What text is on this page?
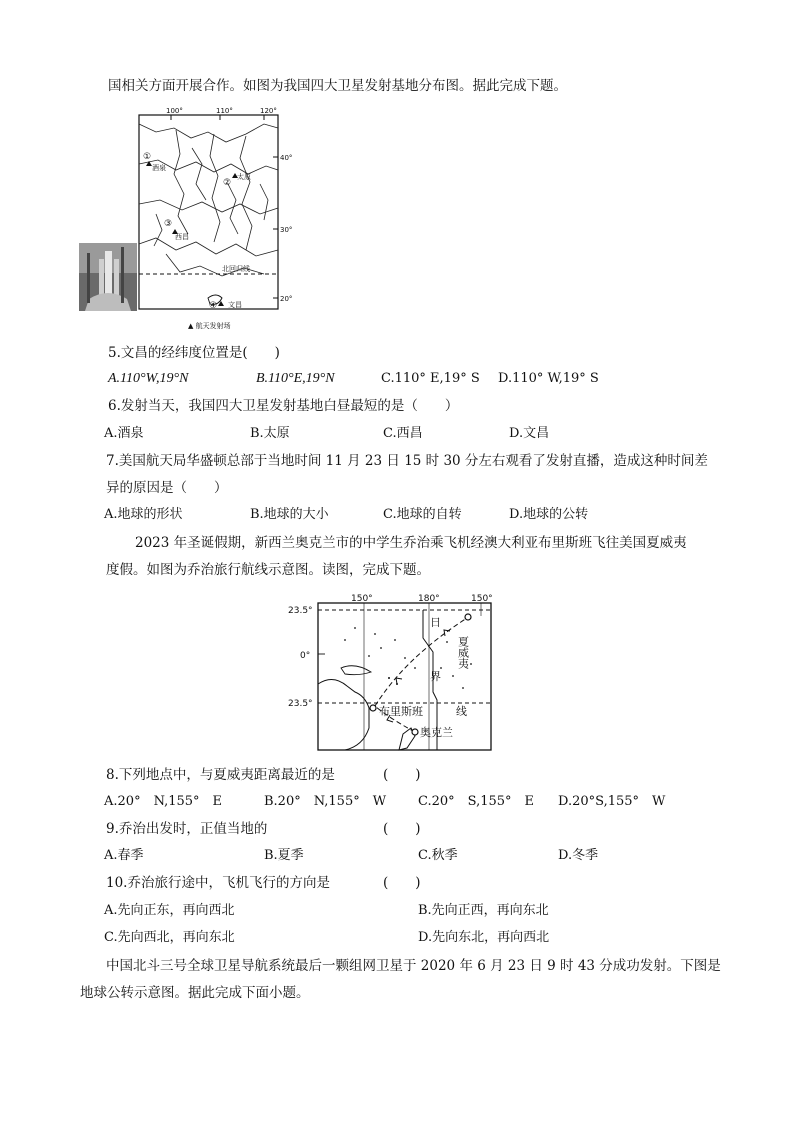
国相关方面开展合作。如图为我国四大卫星发射基地分布图。据此完成下题。
100°	110°	120°
40°
30°
20°
北回归线
①
酒泉
②
太原
③
西昌
④ 文昌
▲ 航天发射场
5.文昌的经纬度位置是(　　)
A.110°W,19°N	B.110°E,19°N	C.110° E,19° S D.110° W,19° S
6.发射当天，我国四大卫星发射基地白昼最短的是（　　）
A.酒泉	B.太原	C.西昌	D.文昌
7.美国航天局华盛顿总部于当地时间 11 月 23 日 15 时 30 分左右观看了发射直播，造成这种时间差
异的原因是（　　）
A.地球的形状	B.地球的大小	C.地球的自转	D.地球的公转
2023 年圣诞假期，新西兰奥克兰市的中学生乔治乘飞机经澳大利亚布里斯班飞往美国夏威夷
度假。如图为乔治旅行航线示意图。读图，完成下题。
150°	180°	150°
23.5°
0°
23.5°
日
界
线
夏威夷
布里斯班
奥克兰
8.下列地点中，与夏威夷距离最近的是	(　　)
A.20°　N,155°　E	B.20°　N,155°　W C.20°　S,155°　E D.20°S,155°　W
9.乔治出发时，正值当地的	(　　)
A.春季	B.夏季	C.秋季	D.冬季
10.乔治旅行途中，飞机飞行的方向是	(　　)
A.先向正东，再向西北	B.先向正西，再向东北
C.先向西北，再向东北	D.先向东北，再向西北
中国北斗三号全球卫星导航系统最后一颗组网卫星于 2020 年 6 月 23 日 9 时 43 分成功发射。下图是
地球公转示意图。据此完成下面小题。
